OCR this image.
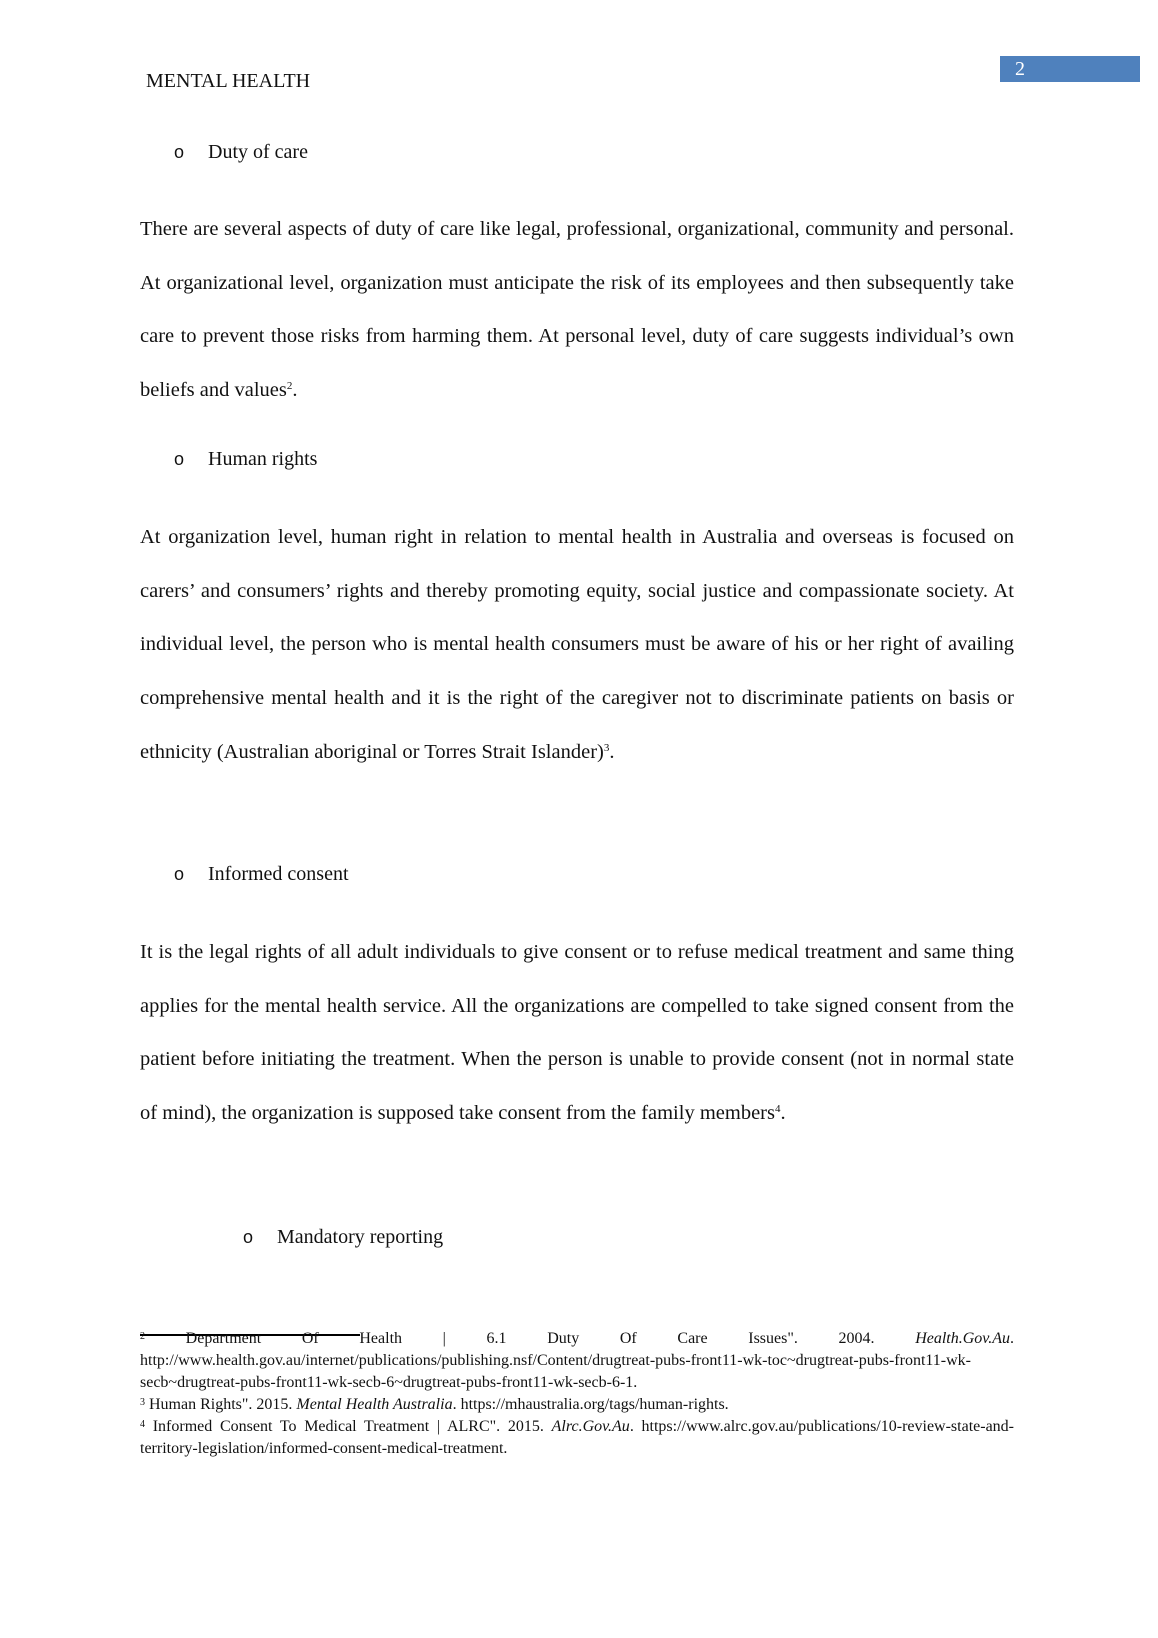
MENTAL HEALTH
2
o Duty of care
There are several aspects of duty of care like legal, professional, organizational, community and personal. At organizational level, organization must anticipate the risk of its employees and then subsequently take care to prevent those risks from harming them. At personal level, duty of care suggests individual’s own beliefs and values$^2$.
o Human rights
At organization level, human right in relation to mental health in Australia and overseas is focused on carers’ and consumers’ rights and thereby promoting equity, social justice and compassionate society. At individual level, the person who is mental health consumers must be aware of his or her right of availing comprehensive mental health and it is the right of the caregiver not to discriminate patients on basis or ethnicity (Australian aboriginal or Torres Strait Islander)$^3$.
o Informed consent
It is the legal rights of all adult individuals to give consent or to refuse medical treatment and same thing applies for the mental health service. All the organizations are compelled to take signed consent from the patient before initiating the treatment. When the person is unable to provide consent (not in normal state of mind), the organization is supposed take consent from the family members$^4$.
o Mandatory reporting
$^2$	Department Of Health | 6.1 Duty Of Care Issues". 2004. Health.Gov.Au. http://www.health.gov.au/internet/publications/publishing.nsf/Content/drugtreat-pubs-front11-wk-toc~drugtreat-pubs-front11-wk-secb~drugtreat-pubs-front11-wk-secb-6~drugtreat-pubs-front11-wk-secb-6-1.
$^3$ Human Rights". 2015. Mental Health Australia. https://mhaustralia.org/tags/human-rights.
$^4$ Informed Consent To Medical Treatment | ALRC". 2015. Alrc.Gov.Au. https://www.alrc.gov.au/publications/10-review-state-and-territory-legislation/informed-consent-medical-treatment.
